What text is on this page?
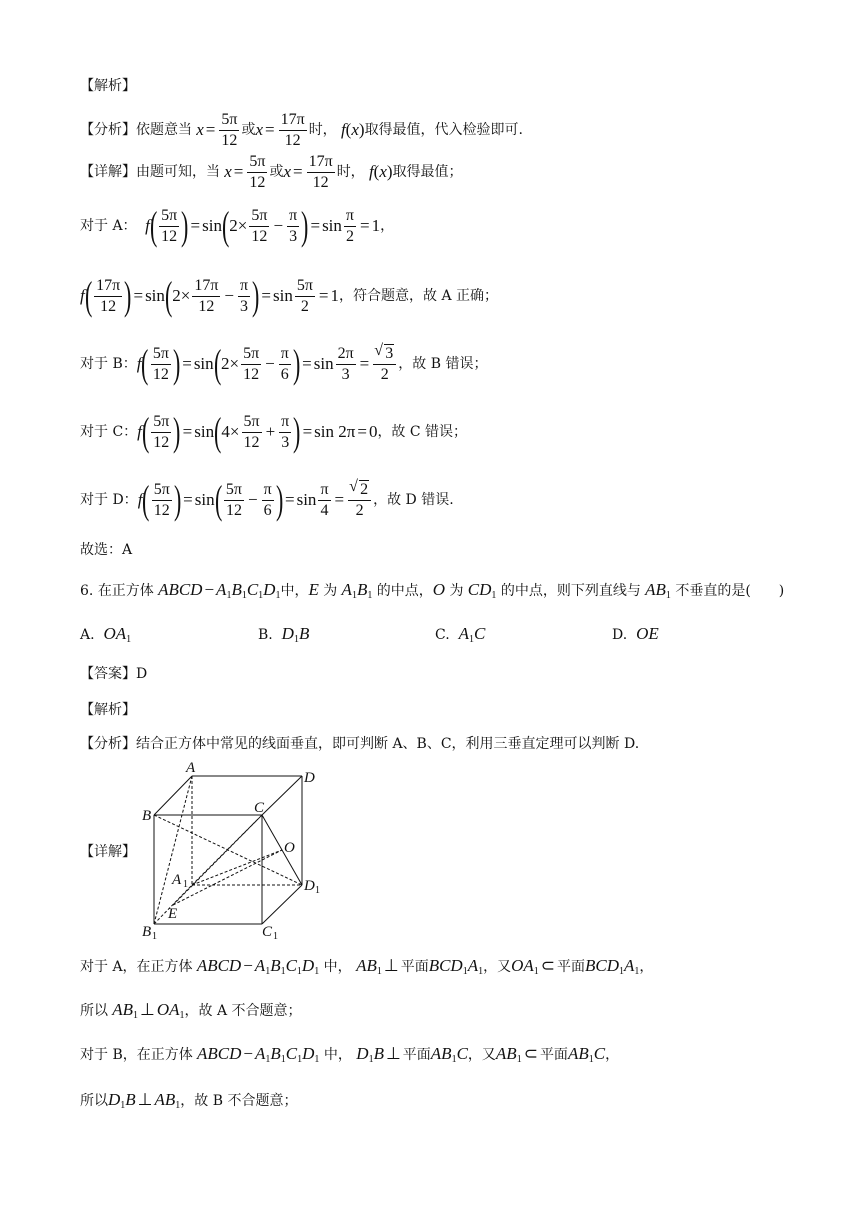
【解析】
【分析】 依题意当 $x = \frac{5\pi}{12}$ 或 $x = \frac{17\pi}{12}$ 时， f ( x ) 取得最值，代入检验即可.
【详解】 由题可知，当 $x = \frac{5\pi}{12}$ 或 $x = \frac{17\pi}{12}$ 时， f ( x ) 取得最值；
对于 A： f ( $\frac{5\pi}{12}$ ) = sin ( $2\times \frac{5\pi}{12} - \frac{\pi}{3}$ ) = $\sin \frac{\pi}{2} = 1$ ，
f ( $\frac{17\pi}{12}$ ) = sin ( $2\times \frac{17\pi}{12} - \frac{\pi}{3}$ ) = $\sin \frac{5\pi}{2} = 1$ ，符合题意，故 A 正确；
对于 B： f ( $\frac{5\pi}{12}$ ) = sin ( $2\times \frac{5\pi}{12} - \frac{\pi}{6}$ ) = $\sin \frac{2\pi}{3}$ = √ $\frac{3}{2}$ ，故 B 错误；
对于 C： f ( $\frac{5\pi}{12}$ ) = sin ( $4\times \frac{5\pi}{12} + \frac{\pi}{3}$ ) = sin 2π = 0 ，故 C 错误；
对于 D： f ( $\frac{5\pi}{12}$ ) = sin ( $\frac{5\pi}{12} - \frac{\pi}{6}$ ) = $\sin \frac{\pi}{4}$ = √ $\frac{2}{2}$ ，故 D 错误.
故选：A
6.
在正方体 ABCD − $A_1B_1C_1D_1$ 中， E
为 $A_1B_1$
的中点， O
为 $CD_1$
的中点，则下列直线与 $AB_1$
不垂直的是(　　)
A. $OA_1$	B. $D_1B$	C. $A_1C$	D. OE
【答案】D
【解析】
【分析】结合正方体中常见的线面垂直，即可判断 A、B、C，利用三垂直定理可以判断 D.
【详解】
A
D
B	C
O
A	D
E
B	C
1
1
1	1
对于 A，在正方体 ABCD − $A_1B_1C_1D_1$
中，
$AB_1$ ⊥ 平面 $BCD_1A_1$ ，又 $OA_1$ ⊂ 平面 $BCD_1A_1$ ，
所以 $AB_1$ ⊥ $OA_1$ ，故 A 不合题意；
对于 B，在正方体 ABCD − $A_1B_1C_1D_1$
中，
$D_1B$ ⊥ 平面 $AB_1C$ ，又 $AB_1$ ⊂ 平面 $AB_1C$ ，
所以 $D_1B$ ⊥ $AB_1$ ，故 B 不合题意；
